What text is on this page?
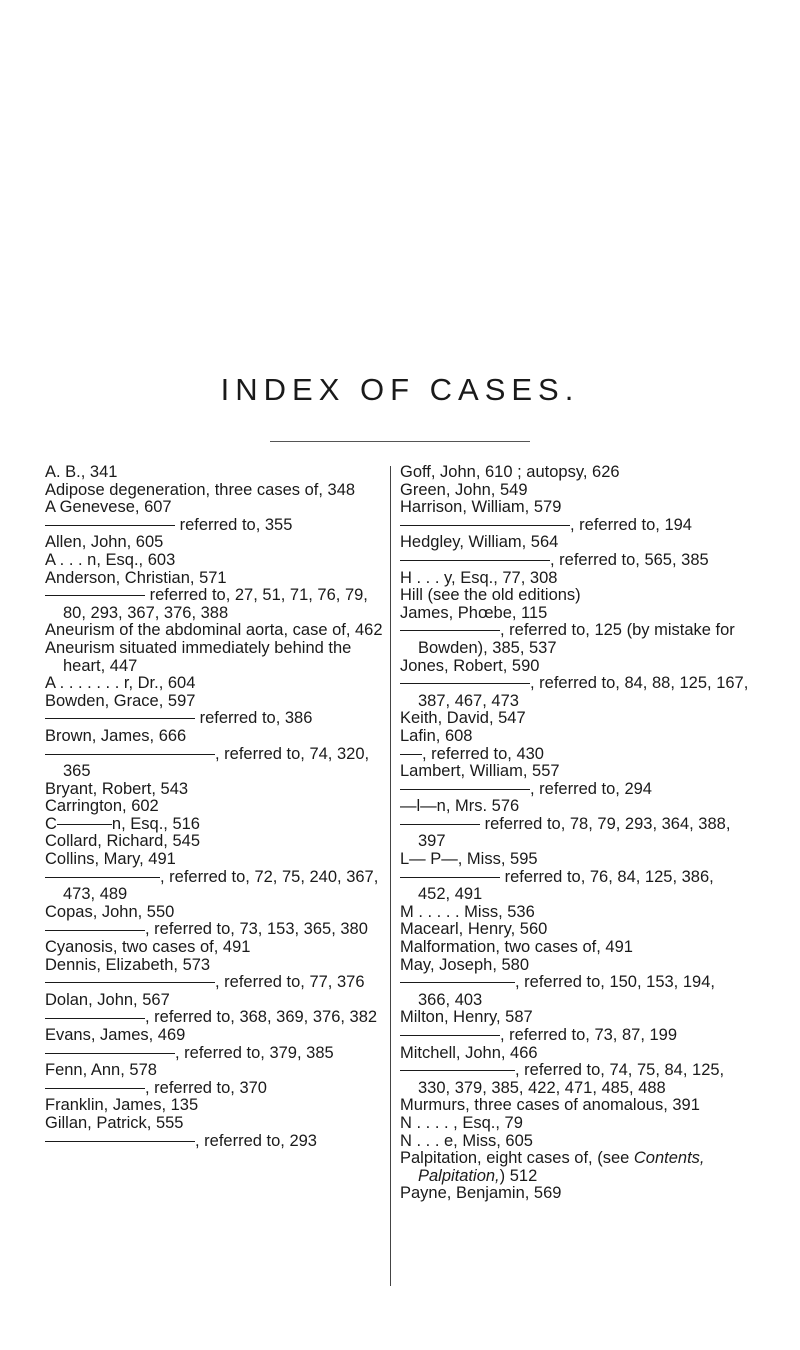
INDEX OF CASES.

A. B., 341

Adipose degeneration, three cases of, 348

A Genevese, 607

referred to, 355

Allen, John, 605

A . . . n, Esq., 603

Anderson, Christian, 571

referred to, 27, 51, 71, 76, 79, 80, 293, 367, 376, 388

Aneurism of the abdominal aorta, case of, 462

Aneurism situated immediately behind the heart, 447

A . . . . . . . r, Dr., 604

Bowden, Grace, 597

referred to, 386

Brown, James, 666

, referred to, 74, 320, 365

Bryant, Robert, 543

Carrington, 602

C	n, Esq., 516

Collard, Richard, 545

Collins, Mary, 491

, referred to, 72, 75, 240, 367, 473, 489

Copas, John, 550

, referred to, 73, 153, 365, 380

Cyanosis, two cases of, 491

Dennis, Elizabeth, 573

, referred to, 77, 376

Dolan, John, 567

, referred to, 368, 369, 376, 382

Evans, James, 469

, referred to, 379, 385

Fenn, Ann, 578

, referred to, 370

Franklin, James, 135

Gillan, Patrick, 555

, referred to, 293

Goff, John, 610 ; autopsy, 626

Green, John, 549

Harrison, William, 579

, referred to, 194

Hedgley, William, 564

, referred to, 565, 385

H . . . y, Esq., 77, 308

Hill (see the old editions)

James, Phœbe, 115

, referred to, 125 (by mistake for Bowden), 385, 537

Jones, Robert, 590

, referred to, 84, 88, 125, 167, 387, 467, 473

Keith, David, 547

Lafin, 608

, referred to, 430

Lambert, William, 557

, referred to, 294

—l—n, Mrs. 576

referred to, 78, 79, 293, 364, 388, 397

L— P—, Miss, 595

referred to, 76, 84, 125, 386, 452, 491

M . . . . . Miss, 536

Macearl, Henry, 560

Malformation, two cases of, 491

May, Joseph, 580

, referred to, 150, 153, 194, 366, 403

Milton, Henry, 587

, referred to, 73, 87, 199

Mitchell, John, 466

, referred to, 74, 75, 84, 125, 330, 379, 385, 422, 471, 485, 488

Murmurs, three cases of anomalous, 391

N . . . . , Esq., 79

N . . . e, Miss, 605

Palpitation, eight cases of, (see Contents, Palpitation,) 512

Payne, Benjamin, 569
